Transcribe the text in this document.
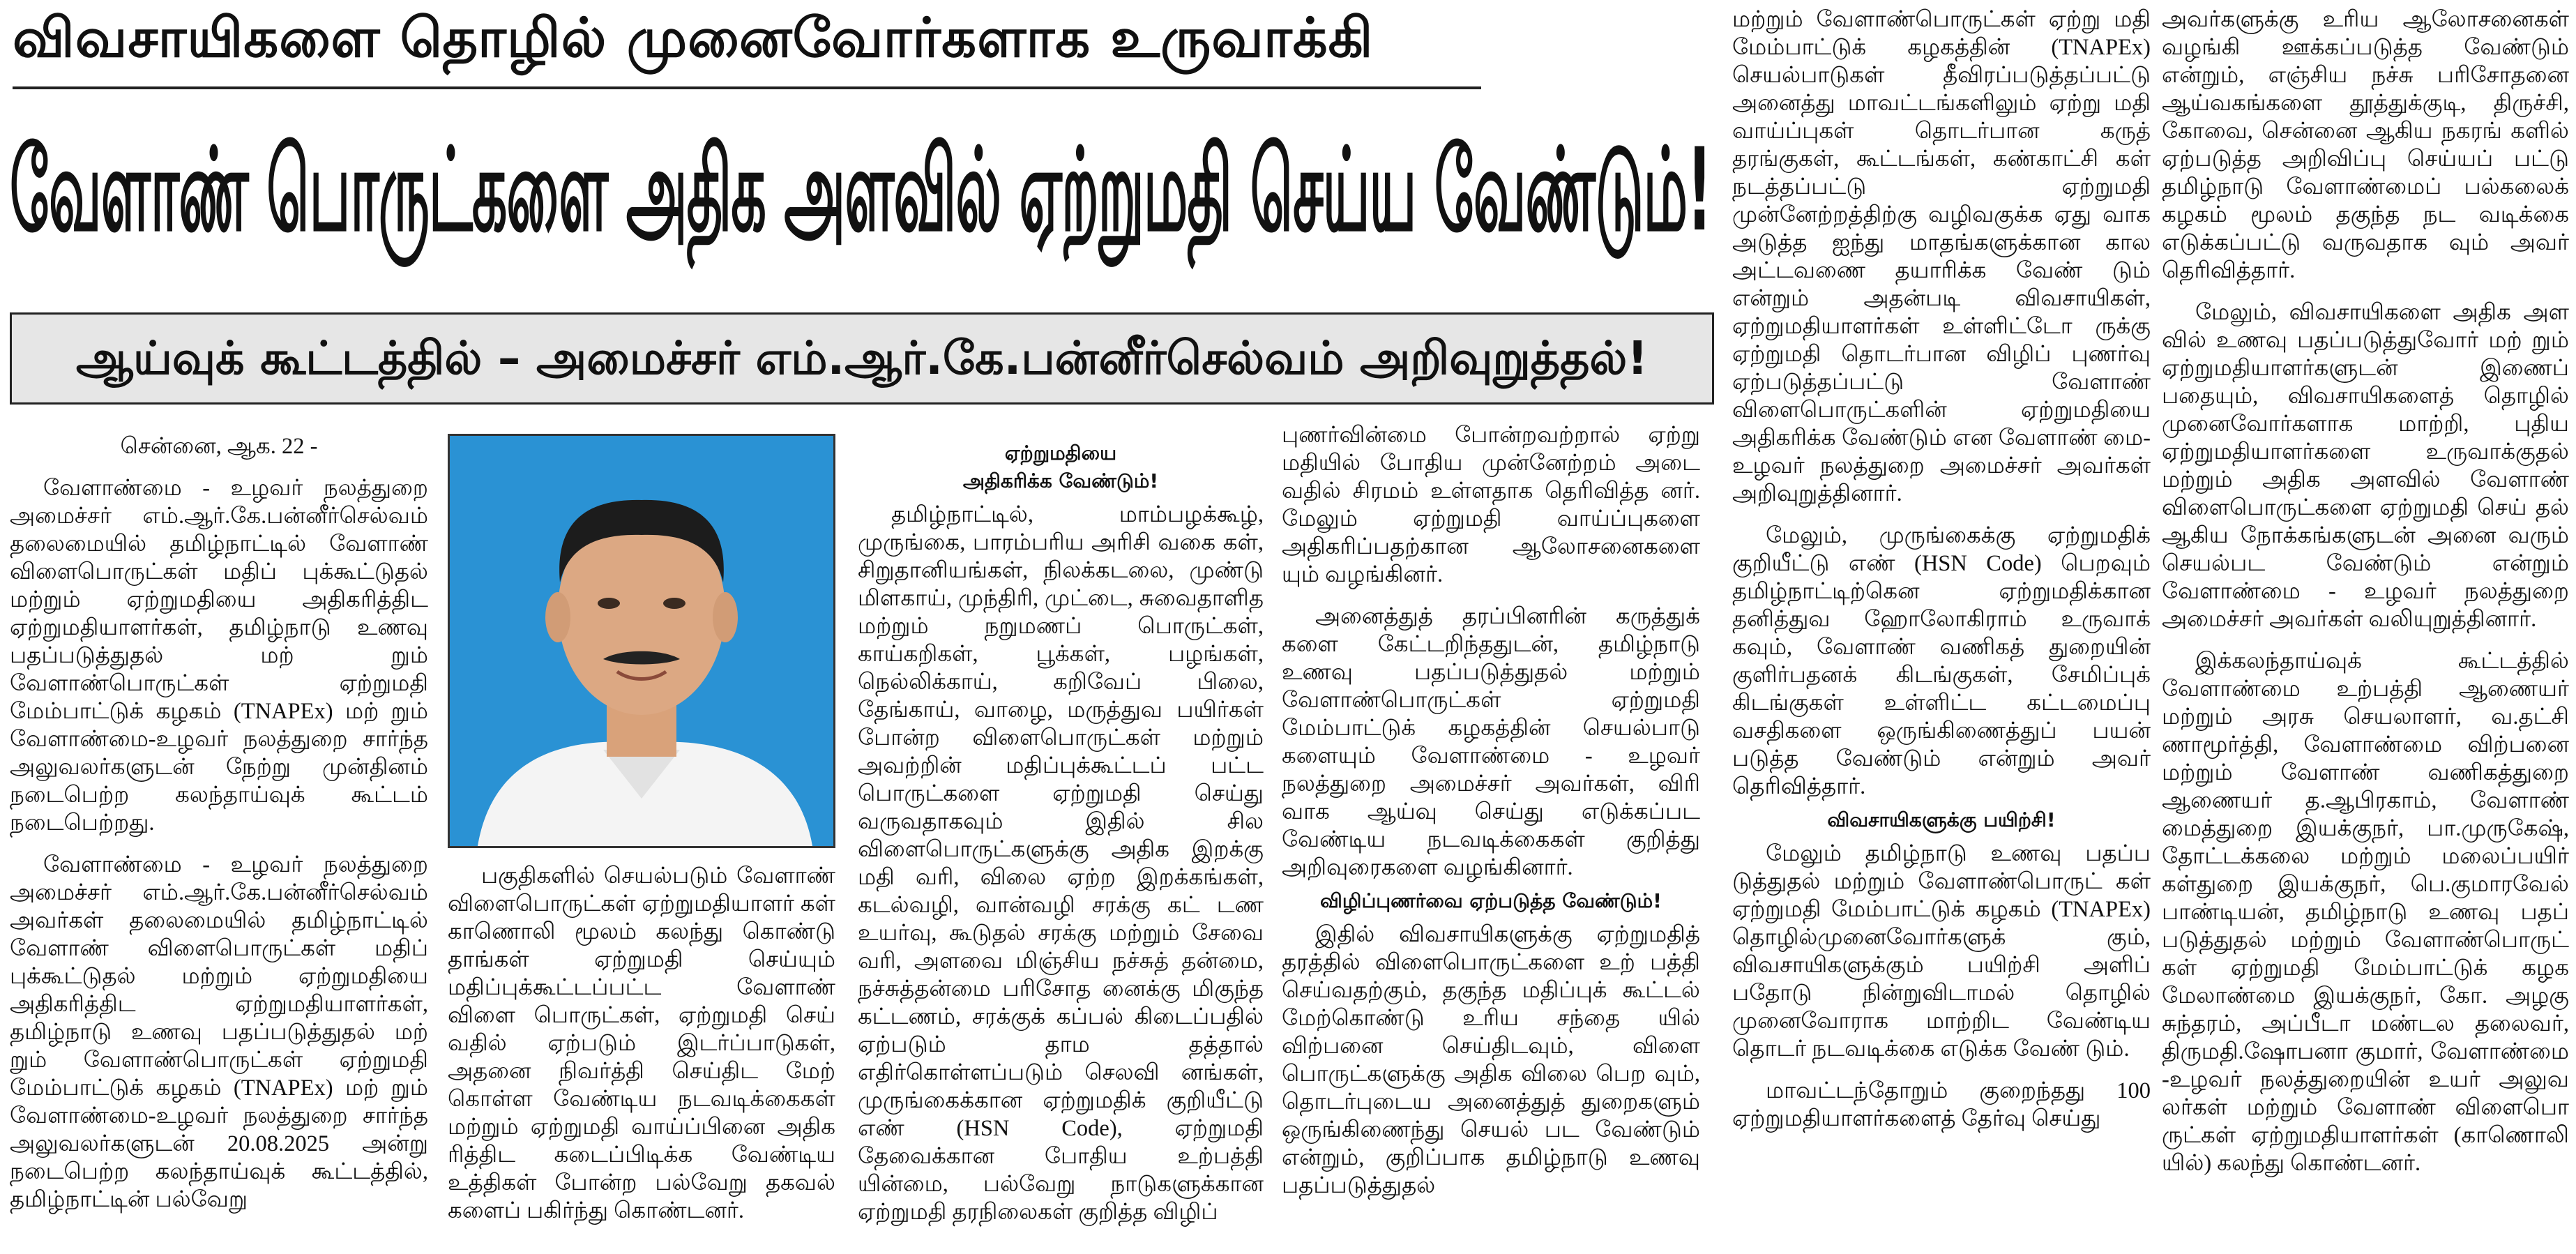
விவசாயிகளை தொழில் முனைவோர்களாக உருவாக்கி
வேளாண் பொருட்களை அதிக அளவில் ஏற்றுமதி செய்ய வேண்டும்!
ஆய்வுக் கூட்டத்தில் – அமைச்சர் எம்.ஆர்.கே.பன்னீர்செல்வம் அறிவுறுத்தல்!

சென்னை, ஆக. 22 -

வேளாண்மை - உழவர் நலத்துறை அமைச்சர் எம்.ஆர்.கே.பன்னீர்செல்வம் தலைமையில் தமிழ்நாட்டில் வேளாண் விளைபொருட்கள் மதிப் புக்கூட்டுதல் மற்றும் ஏற்றுமதியை அதிகரித்திட ஏற்றுமதியாளர்கள், தமிழ்நாடு உணவு பதப்படுத்துதல் மற் றும் வேளாண்பொருட்கள் ஏற்றுமதி மேம்பாட்டுக் கழகம் (TNAPEx) மற் றும் வேளாண்மை-உழவர் நலத்துறை சார்ந்த அலுவலர்களுடன் நேற்று முன்தினம் நடைபெற்ற கலந்தாய்வுக் கூட்டம் நடைபெற்றது.

வேளாண்மை - உழவர் நலத்துறை அமைச்சர் எம்.ஆர்.கே.பன்னீர்செல்வம் அவர்கள் தலைமையில் தமிழ்நாட்டில் வேளாண் விளைபொருட்கள் மதிப் புக்கூட்டுதல் மற்றும் ஏற்றுமதியை அதிகரித்திட ஏற்றுமதியாளர்கள், தமிழ்நாடு உணவு பதப்படுத்துதல் மற் றும் வேளாண்பொருட்கள் ஏற்றுமதி மேம்பாட்டுக் கழகம் (TNAPEx) மற் றும் வேளாண்மை-உழவர் நலத்துறை சார்ந்த அலுவலர்களுடன் 20.08.2025 அன்று நடைபெற்ற கலந்தாய்வுக் கூட்டத்தில், தமிழ்நாட்டின் பல்வேறு

பகுதிகளில் செயல்படும் வேளாண் விளைபொருட்கள் ஏற்றுமதியாளர் கள் காணொலி மூலம் கலந்து கொண்டு தாங்கள் ஏற்றுமதி செய்யும் மதிப்புக்கூட்டப்பட்ட வேளாண் விளை பொருட்கள், ஏற்றுமதி செய் வதில் ஏற்படும் இடர்ப்பாடுகள், அதனை நிவர்த்தி செய்திட மேற் கொள்ள வேண்டிய நடவடிக்கைகள் மற்றும் ஏற்றுமதி வாய்ப்பினை அதிக ரித்திட கடைப்பிடிக்க வேண்டிய உத்திகள் போன்ற பல்வேறு தகவல் களைப் பகிர்ந்து கொண்டனர்.

ஏற்றுமதியை
அதிகரிக்க வேண்டும்!

தமிழ்நாட்டில், மாம்பழக்கூழ், முருங்கை, பாரம்பரிய அரிசி வகை கள், சிறுதானியங்கள், நிலக்கடலை, முண்டு மிளகாய், முந்திரி, முட்டை, சுவைதாளித மற்றும் நறுமணப் பொருட்கள், காய்கறிகள், பூக்கள், பழங்கள், நெல்லிக்காய், கறிவேப் பிலை, தேங்காய், வாழை, மருத்துவ பயிர்கள் போன்ற விளைபொருட்கள் மற்றும் அவற்றின் மதிப்புக்கூட்டப் பட்ட பொருட்களை ஏற்றுமதி செய்து வருவதாகவும் இதில் சில விளைபொருட்களுக்கு அதிக இறக்கு மதி வரி, விலை ஏற்ற இறக்கங்கள், கடல்வழி, வான்வழி சரக்கு கட் டண உயர்வு, கூடுதல் சரக்கு மற்றும் சேவை வரி, அளவை மிஞ்சிய நச்சுத் தன்மை, நச்சுத்தன்மை பரிசோத னைக்கு மிகுந்த கட்டணம், சரக்குக் கப்பல் கிடைப்பதில் ஏற்படும் தாம தத்தால் எதிர்கொள்ளப்படும் செலவி னங்கள், முருங்கைக்கான ஏற்றுமதிக் குறியீட்டு எண் (HSN Code), ஏற்றுமதி தேவைக்கான போதிய உற்பத்தி யின்மை, பல்வேறு நாடுகளுக்கான ஏற்றுமதி தரநிலைகள் குறித்த விழிப்

புணர்வின்மை போன்றவற்றால் ஏற்று மதியில் போதிய முன்னேற்றம் அடை வதில் சிரமம் உள்ளதாக தெரிவித்த னர். மேலும் ஏற்றுமதி வாய்ப்புகளை அதிகரிப்பதற்கான ஆலோசனைகளை யும் வழங்கினர்.

அனைத்துத் தரப்பினரின் கருத்துக் களை கேட்டறிந்ததுடன், தமிழ்நாடு உணவு பதப்படுத்துதல் மற்றும் வேளாண்பொருட்கள் ஏற்றுமதி மேம்பாட்டுக் கழகத்தின் செயல்பாடு களையும் வேளாண்மை - உழவர் நலத்துறை அமைச்சர் அவர்கள், விரி வாக ஆய்வு செய்து எடுக்கப்பட வேண்டிய நடவடிக்கைகள் குறித்து அறிவுரைகளை வழங்கினார்.

விழிப்புணர்வை ஏற்படுத்த வேண்டும்!

இதில் விவசாயிகளுக்கு ஏற்றுமதித் தரத்தில் விளைபொருட்களை உற் பத்தி செய்வதற்கும், தகுந்த மதிப்புக் கூட்டல் மேற்கொண்டு உரிய சந்தை யில் விற்பனை செய்திடவும், விளை பொருட்களுக்கு அதிக விலை பெற வும், தொடர்புடைய அனைத்துத் துறைகளும் ஒருங்கிணைந்து செயல் பட வேண்டும் என்றும், குறிப்பாக தமிழ்நாடு உணவு பதப்படுத்துதல்

மற்றும் வேளாண்பொருட்கள் ஏற்று மதி மேம்பாட்டுக் கழகத்தின் (TNAPEx) செயல்பாடுகள் தீவிரப்படுத்தப்பட்டு அனைத்து மாவட்டங்களிலும் ஏற்று மதி வாய்ப்புகள் தொடர்பான கருத் தரங்குகள், கூட்டங்கள், கண்காட்சி கள் நடத்தப்பட்டு ஏற்றுமதி முன்னேற்றத்திற்கு வழிவகுக்க ஏது வாக அடுத்த ஐந்து மாதங்களுக்கான கால அட்டவணை தயாரிக்க வேண் டும் என்றும் அதன்படி விவசாயிகள், ஏற்றுமதியாளர்கள் உள்ளிட்டோ ருக்கு ஏற்றுமதி தொடர்பான விழிப் புணர்வு ஏற்படுத்தப்பட்டு வேளாண் விளைபொருட்களின் ஏற்றுமதியை அதிகரிக்க வேண்டும் என வேளாண் மை-உழவர் நலத்துறை அமைச்சர் அவர்கள் அறிவுறுத்தினார்.

மேலும், முருங்கைக்கு ஏற்றுமதிக் குறியீட்டு எண் (HSN Code) பெறவும் தமிழ்நாட்டிற்கென ஏற்றுமதிக்கான தனித்துவ ஹோலோகிராம் உருவாக் கவும், வேளாண் வணிகத் துறையின் குளிர்பதனக் கிடங்குகள், சேமிப்புக் கிடங்குகள் உள்ளிட்ட கட்டமைப்பு வசதிகளை ஒருங்கிணைத்துப் பயன் படுத்த வேண்டும் என்றும் அவர் தெரிவித்தார்.

விவசாயிகளுக்கு பயிற்சி!

மேலும் தமிழ்நாடு உணவு பதப்ப டுத்துதல் மற்றும் வேளாண்பொருட் கள் ஏற்றுமதி மேம்பாட்டுக் கழகம் (TNAPEx) தொழில்முனைவோர்களுக் கும், விவசாயிகளுக்கும் பயிற்சி அளிப் பதோடு நின்றுவிடாமல் தொழில் முனைவோராக மாற்றிட வேண்டிய தொடர் நடவடிக்கை எடுக்க வேண் டும்.

மாவட்டந்தோறும் குறைந்தது 100 ஏற்றுமதியாளர்களைத் தேர்வு செய்து

அவர்களுக்கு உரிய ஆலோசனைகள் வழங்கி ஊக்கப்படுத்த வேண்டும் என்றும், எஞ்சிய நச்சு பரிசோதனை ஆய்வகங்களை தூத்துக்குடி, திருச்சி, கோவை, சென்னை ஆகிய நகரங் களில் ஏற்படுத்த அறிவிப்பு செய்யப் பட்டு தமிழ்நாடு வேளாண்மைப் பல்கலைக் கழகம் மூலம் தகுந்த நட வடிக்கை எடுக்கப்பட்டு வருவதாக வும் அவர் தெரிவித்தார்.

மேலும், விவசாயிகளை அதிக அள வில் உணவு பதப்படுத்துவோர் மற் றும் ஏற்றுமதியாளர்களுடன் இணைப் பதையும், விவசாயிகளைத் தொழில் முனைவோர்களாக மாற்றி, புதிய ஏற்றுமதியாளர்களை உருவாக்குதல் மற்றும் அதிக அளவில் வேளாண் விளைபொருட்களை ஏற்றுமதி செய் தல் ஆகிய நோக்கங்களுடன் அனை வரும் செயல்பட வேண்டும் என்றும் வேளாண்மை - உழவர் நலத்துறை அமைச்சர் அவர்கள் வலியுறுத்தினார்.

இக்கலந்தாய்வுக் கூட்டத்தில் வேளாண்மை உற்பத்தி ஆணையர் மற்றும் அரசு செயலாளர், வ.தட்சி ணாமூர்த்தி, வேளாண்மை விற்பனை மற்றும் வேளாண் வணிகத்துறை ஆணையர் த.ஆபிரகாம், வேளாண் மைத்துறை இயக்குநர், பா.முருகேஷ், தோட்டக்கலை மற்றும் மலைப்பயிர் கள்துறை இயக்குநர், பெ.குமாரவேல் பாண்டியன், தமிழ்நாடு உணவு பதப் படுத்துதல் மற்றும் வேளாண்பொருட் கள் ஏற்றுமதி மேம்பாட்டுக் கழக மேலாண்மை இயக்குநர், கோ. அழகு சுந்தரம், அப்பீடா மண்டல தலைவர், திருமதி.ஷோபனா குமார், வேளாண்மை -உழவர் நலத்துறையின் உயர் அலுவ லர்கள் மற்றும் வேளாண் விளைபொ ருட்கள் ஏற்றுமதியாளர்கள் (காணொலி யில்) கலந்து கொண்டனர்.
